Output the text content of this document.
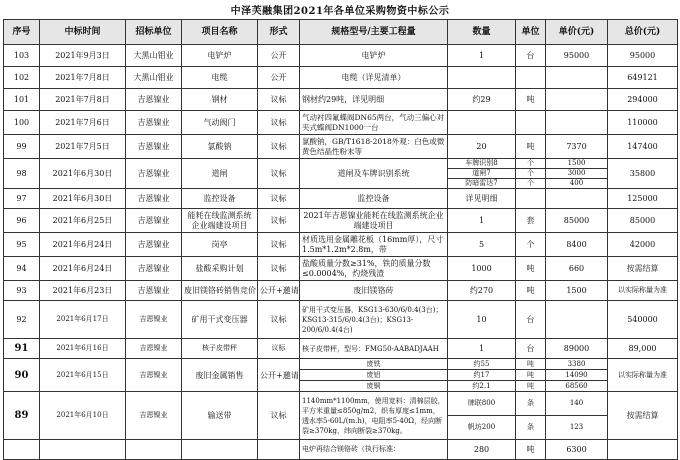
中泽芙融集团2021年各单位采购物资中标公示
序号	中标时间	招标单位	项目名称	形式	规格型号/主要工程量	数量	单位	单价(元)	总价(元)
103	2021年9月3日	大黑山钼业	电铲炉	公开	电铲炉	1	台	95000	95000
102	2021年7月8日	大黑山钼业	电缆	公开	电缆（详见清单）				649121
101	2021年7月8日	吉恩镍业	钢材	议标	钢材约29吨，详见明细	约29	吨		294000
100	2021年7月6日	吉恩镍业	气动阀门	议标	气动衬四氟蝶阀DN65两台，气动三偏心对夹式蝶阀DN1000一台				110000
99	2021年7月5日	吉恩镍业	氯酸钠	议标	氯酸钠，GB/T1618-2018外观：白色或微黄色结晶性粉末等	20	吨	7370	147400
98	2021年6月30日	吉恩镍业	道闸	议标	道闸及车牌识别系统	车牌识别8	个	1500	35800
						道闸7	个	3000	
						防暗雷达7	个	400	
97	2021年6月30日	吉恩镍业	监控设备	议标	监控设备	详见明细			125000
96	2021年6月25日	吉恩镍业	能耗在线监测系统企业端建设项目	议标	2021年吉恩镍业能耗在线监测系统企业端建设项目	1	套	85000	85000
95	2021年6月24日	吉恩镍业	岗亭	议标	材质选用金属雕花板（16mm厚），尺寸1.5m*1.2m*2.8m，带	5	个	8400	42000
94	2021年6月24日	吉恩镍业	盐酸采购计划	议标	盐酸质量分数≥31%，铁的质量分数≤0.0004%，灼烧残渣	1000	吨	660	按需结算
93	2021年6月23日	吉恩镍业	废旧镁铬砖销售竞价	公开+邀请	废旧镁铬砖	约270	吨	1500	以实际称量为准
92	2021年6月17日	吉恩镍业	矿用干式变压器	议标	矿用干式变压器，KSG13-630/6/0.4(3台)；KSG13-315/6/0.4(3台)；KSG13-200/6/0.4(4台)	10	台		540000
91	2021年6月16日	吉恩镍业	核子皮带秤	议标	核子皮带秤，型号：FMG50-AABADJAAH	1	台	89000	89,000
90	2021年6月15日	吉恩镍业	废旧金属销售	公开+邀请	废铁	约55	吨	3380	以实际称量为准
					废铝	约17	吨	14090	
					废铜	约2.1	吨	68560	
89	2021年6月10日	吉恩镍业	输送带	议标	1140mm*1100mm，使用宽料：清棉层胶，平方米重量≤850g/m2，织布厚度≤1mm，透水率5-60L/(m.h)，电阻率5-40Ω，经向断裂≥370kg，纬向断裂≥370kg。	牌联800	条	140	按需结算
						帆坊200	条	123	
					电炉再结合镁铬砖（执行标准：	280	吨	6300	
